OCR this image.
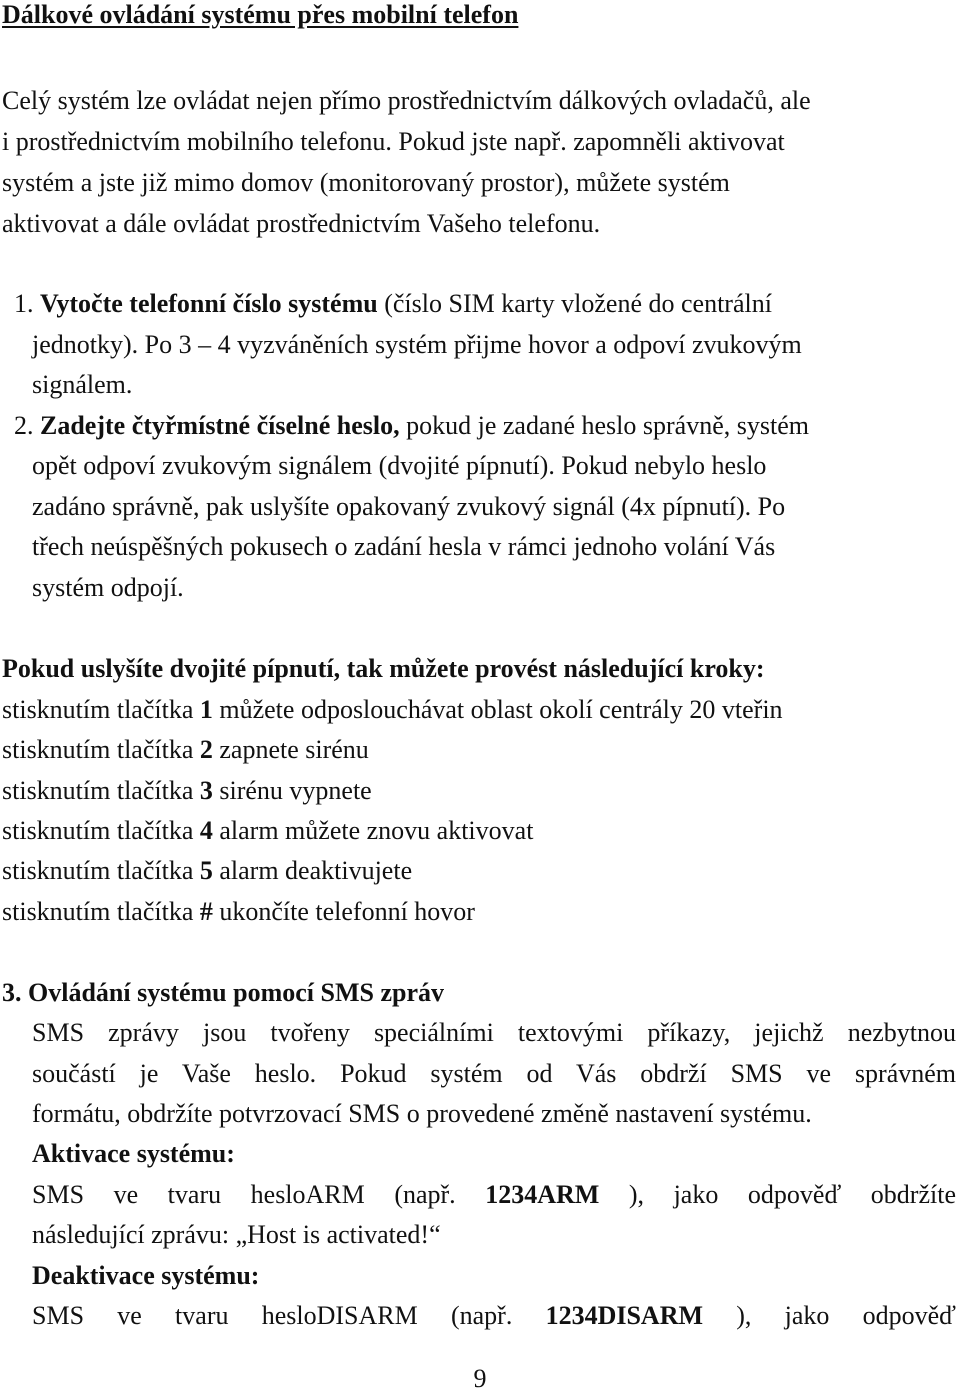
Dálkové ovládání systému přes mobilní telefon
Celý systém lze ovládat nejen přímo prostřednictvím dálkových ovladačů, ale
i prostřednictvím mobilního telefonu. Pokud jste např. zapomněli aktivovat
systém a jste již mimo domov (monitorovaný prostor), můžete systém
aktivovat a dále ovládat prostřednictvím Vašeho telefonu.
1. Vytočte telefonní číslo systému (číslo SIM karty vložené do centrální
jednotky). Po 3 – 4 vyzváněních systém přijme hovor a odpoví zvukovým
signálem.
2. Zadejte čtyřmístné číselné heslo, pokud je zadané heslo správně, systém
opět odpoví zvukovým signálem (dvojité pípnutí). Pokud nebylo heslo
zadáno správně, pak uslyšíte opakovaný zvukový signál (4x pípnutí). Po
třech neúspěšných pokusech o zadání hesla v rámci jednoho volání Vás
systém odpojí.
Pokud uslyšíte dvojité pípnutí, tak můžete provést následující kroky:
stisknutím tlačítka 1 můžete odposlouchávat oblast okolí centrály 20 vteřin
stisknutím tlačítka 2 zapnete sirénu
stisknutím tlačítka 3 sirénu vypnete
stisknutím tlačítka 4 alarm můžete znovu aktivovat
stisknutím tlačítka 5 alarm deaktivujete
stisknutím tlačítka # ukončíte telefonní hovor
3. Ovládání systému pomocí SMS zpráv
SMS zprávy jsou tvořeny speciálními textovými příkazy, jejichž nezbytnou
součástí je Vaše heslo. Pokud systém od Vás obdrží SMS ve správném
formátu, obdržíte potvrzovací SMS o provedené změně nastavení systému.
Aktivace systému:
SMS ve tvaru hesloARM (např. 1234ARM ), jako odpověď obdržíte
následující zprávu: „Host is activated!“
Deaktivace systému:
SMS ve tvaru hesloDISARM (např. 1234DISARM ), jako odpověď
9
